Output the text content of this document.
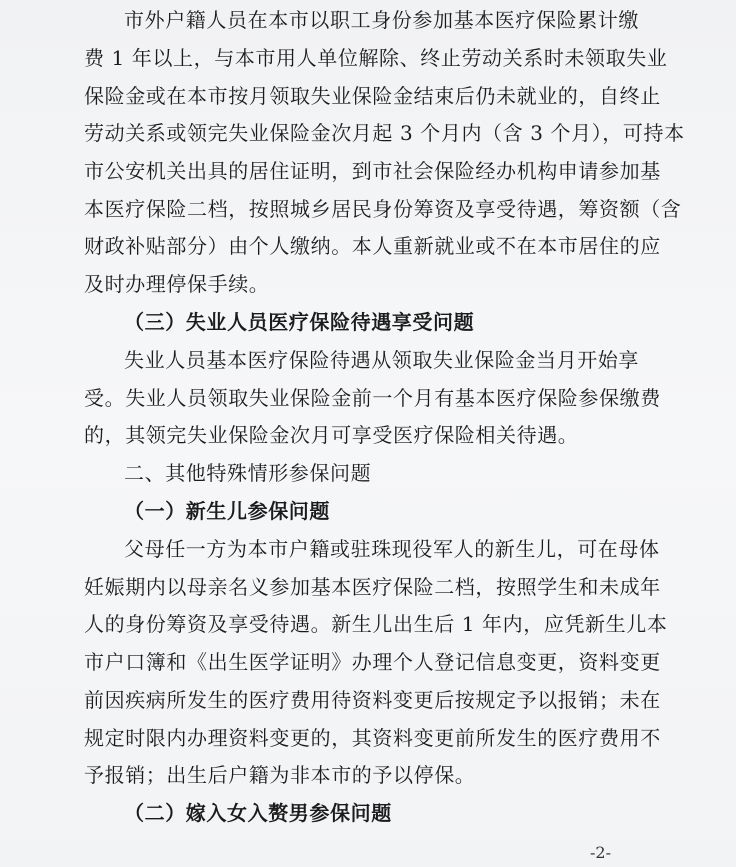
市外户籍人员在本市以职工身份参加基本医疗保险累计缴
费 1 年以上，与本市用人单位解除、终止劳动关系时未领取失业
保险金或在本市按月领取失业保险金结束后仍未就业的，自终止
劳动关系或领完失业保险金次月起 3 个月内（含 3 个月），可持本
市公安机关出具的居住证明，到市社会保险经办机构申请参加基
本医疗保险二档，按照城乡居民身份筹资及享受待遇，筹资额（含
财政补贴部分）由个人缴纳。本人重新就业或不在本市居住的应
及时办理停保手续。
（三）失业人员医疗保险待遇享受问题
失业人员基本医疗保险待遇从领取失业保险金当月开始享
受。失业人员领取失业保险金前一个月有基本医疗保险参保缴费
的，其领完失业保险金次月可享受医疗保险相关待遇。
二、其他特殊情形参保问题
（一）新生儿参保问题
父母任一方为本市户籍或驻珠现役军人的新生儿，可在母体
妊娠期内以母亲名义参加基本医疗保险二档，按照学生和未成年
人的身份筹资及享受待遇。新生儿出生后 1 年内，应凭新生儿本
市户口簿和《出生医学证明》办理个人登记信息变更，资料变更
前因疾病所发生的医疗费用待资料变更后按规定予以报销；未在
规定时限内办理资料变更的，其资料变更前所发生的医疗费用不
予报销；出生后户籍为非本市的予以停保。
（二）嫁入女入赘男参保问题
-2-
